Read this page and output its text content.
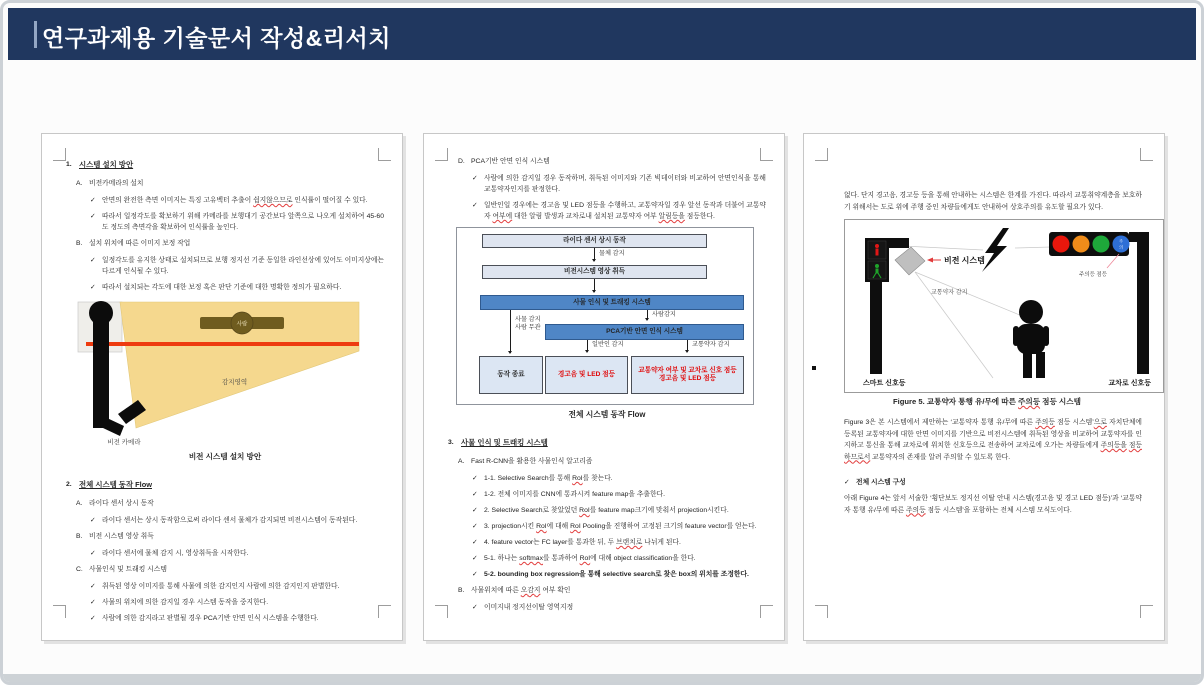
연구과제용 기술문서 작성&리서치
1. 시스템 설치 방안
A. 비전카메라의 설치
✓ 안면의 완전한 측면 이미지는 특징 고유벡터 추출이 쉽지않으므로 인식률이 떨어질 수 있다.
✓ 따라서 일정각도를 확보하기 위해 카메라를 보행대기 공간보다 앞쪽으로 나오게 설치하여 45-60도 정도의 측면각을 확보하여 인식률을 높인다.
B. 설치 위치에 따른 이미지 보정 작업
✓ 일정각도를 유지한 상태로 설치되므로 보행 정지선 기준 동일한 라인선상에 있어도 이미지상에는 다르게 인식될 수 있다.
✓ 따라서 설치되는 각도에 대한 보정 혹은 판단 기준에 대한 명확한 정의가 필요하다.
사람
감지영역
비전 카메라
비전 시스템 설치 방안
2. 전체 시스템 동작 Flow
A. 라이다 센서 상시 동작
✓ 라이다 센서는 상시 동작함으로써 라이다 센서 물체가 감지되면 비전시스템이 동작된다.
B. 비전 시스템 영상 취득
✓ 라이다 센서에 물체 감지 시, 영상취득을 시작한다.
C. 사물인식 및 트래킹 시스템
✓ 취득된 영상 이미지를 통해 사물에 의한 감지인지 사람에 의한 감지인지 판별한다.
✓ 사물의 위치에 의한 감지일 경우 시스템 동작을 중지한다.
✓ 사람에 의한 감지라고 판별될 경우 PCA기반 안면 인식 시스템을 수행한다.
D. PCA기반 안면 인식 시스템
✓ 사람에 의한 감지일 경우 동작하며, 취득된 이미지와 기존 빅데이터와 비교하여 안면인식을 통해 교통약자인지를 판정한다.
✓ 일반인일 경우에는 경고음 및 LED 점등을 수행하고, 교통약자일 경우 앞선 동작과 더불어 교통약자 여부에 대한 알림 발생과 교차로내 설치된 교통약자 여부 알림등을 점등한다.
라이다 센서 상시 동작
물체 감지
비전시스템 영상 취득
사물 인식 및 트래킹 시스템
사물 감지
사람 무관
사람감지
PCA기반 안면 인식 시스템
일반인 감지	교통약자 감지
동작 종료	경고음 및 LED 점등
교통약자 여부 및 교차로 신호 점등
경고음 및 LED 점등
전체 시스템 동작 Flow
3. 사물 인식 및 트래킹 시스템
A. Fast R-CNN을 활용한 사물인식 알고리즘
✓ 1-1. Selective Search를 통해 RoI를 찾는다.
✓ 1-2. 전체 이미지를 CNN에 통과시켜 feature map을 추출한다.
✓ 2. Selective Search로 찾았었던 RoI를 feature map크기에 맞춰서 projection시킨다.
✓ 3. projection시킨 RoI에 대해 RoI Pooling을 진행하여 고정된 크기의 feature vector를 얻는다.
✓ 4. feature vector는 FC layer를 통과한 뒤, 두 브랜치로 나뉘게 된다.
✓ 5-1. 하나는 softmax를 통과하여 RoI에 대해 object classification을 한다.
✓ 5-2. bounding box regression을 통해 selective search로 찾은 box의 위치를 조정한다.
B. 사물위치에 따른 오감지 여부 확인
✓ 이미지내 정지선이탈 영역지정
없다. 단지 경고음, 경고등 등을 통해 안내하는 시스템은 한계를 가진다. 따라서 교통취약계층을 보호하기 위해서는 도로 위에 주행 중인 차량들에게도 안내하여 상호주의를 유도할 필요가 있다.
비전 시스템
교통약자 감지
주
의
주의등 점등
스마트 신호등	교차로 신호등
Figure 5. 교통약자 통행 유/무에 따른 주의등 점등 시스템
Figure 3은 본 시스템에서 제안하는 ‘교통약자 통행 유/무에 따른 주의등 점등 시스템’으로 자치단체에 등록된 교통약자에 대한 안면 이미지를 기반으로 비전시스템에 취득된 영상을 비교하여 교통약자를 인지하고 통신을 통해 교차로에 위치한 신호등으로 전송하여 교차로에 오가는 차량들에게 주의등을 점등하므로서 교통약자의 존재를 알려 주의할 수 있도록 한다.
✓ 전체 시스템 구성
아래 Figure 4는 앞서 서술한 ‘횡단보도 정지선 이탈 안내 시스템(경고음 및 경고 LED 점등)’과 ‘교통약자 통행 유/무에 따른 주의등 점등 시스템’을 포함하는 전체 시스템 모식도이다.
